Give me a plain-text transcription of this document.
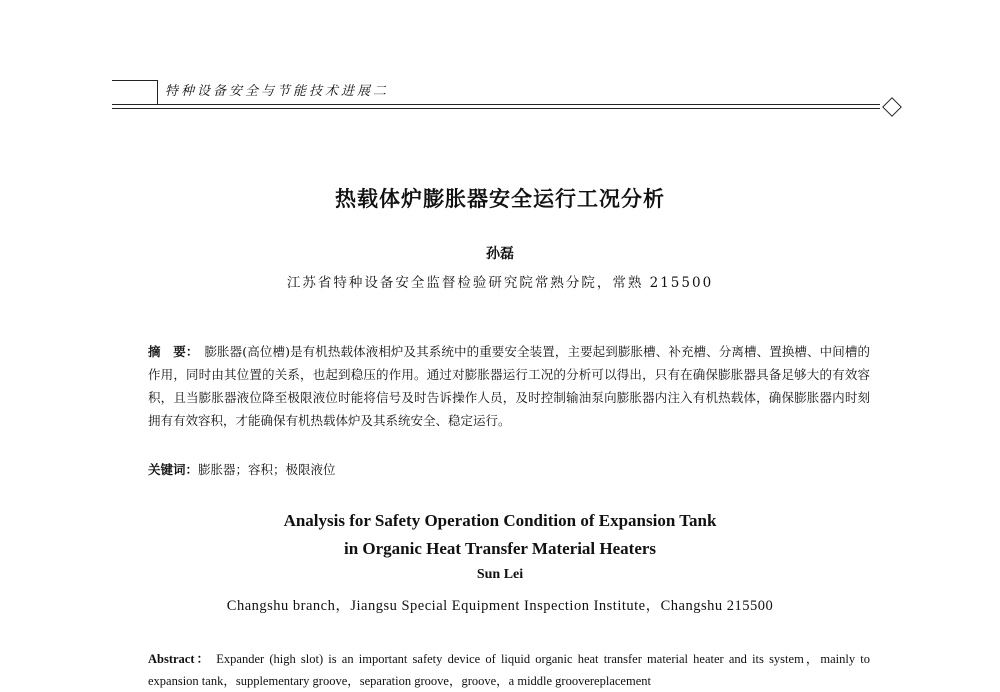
特种设备安全与节能技术进展二
热载体炉膨胀器安全运行工况分析
孙磊
江苏省特种设备安全监督检验研究院常熟分院，常熟 215500
摘　要： 膨胀器(高位槽)是有机热载体液相炉及其系统中的重要安全装置，主要起到膨胀槽、补充槽、分离槽、置换槽、中间槽的作用，同时由其位置的关系，也起到稳压的作用。通过对膨胀器运行工况的分析可以得出，只有在确保膨胀器具备足够大的有效容积，且当膨胀器液位降至极限液位时能将信号及时告诉操作人员，及时控制输油泵向膨胀器内注入有机热载体，确保膨胀器内时刻拥有有效容积，才能确保有机热载体炉及其系统安全、稳定运行。
关键词：膨胀器；容积；极限液位
Analysis for Safety Operation Condition of Expansion Tank
in Organic Heat Transfer Material Heaters
Sun Lei
Changshu branch，Jiangsu Special Equipment Inspection Institute，Changshu 215500
Abstract： Expander (high slot) is an important safety device of liquid organic heat transfer material heater and its system，mainly to expansion tank，supplementary groove，separation groove，groove，a middle groovereplacement
